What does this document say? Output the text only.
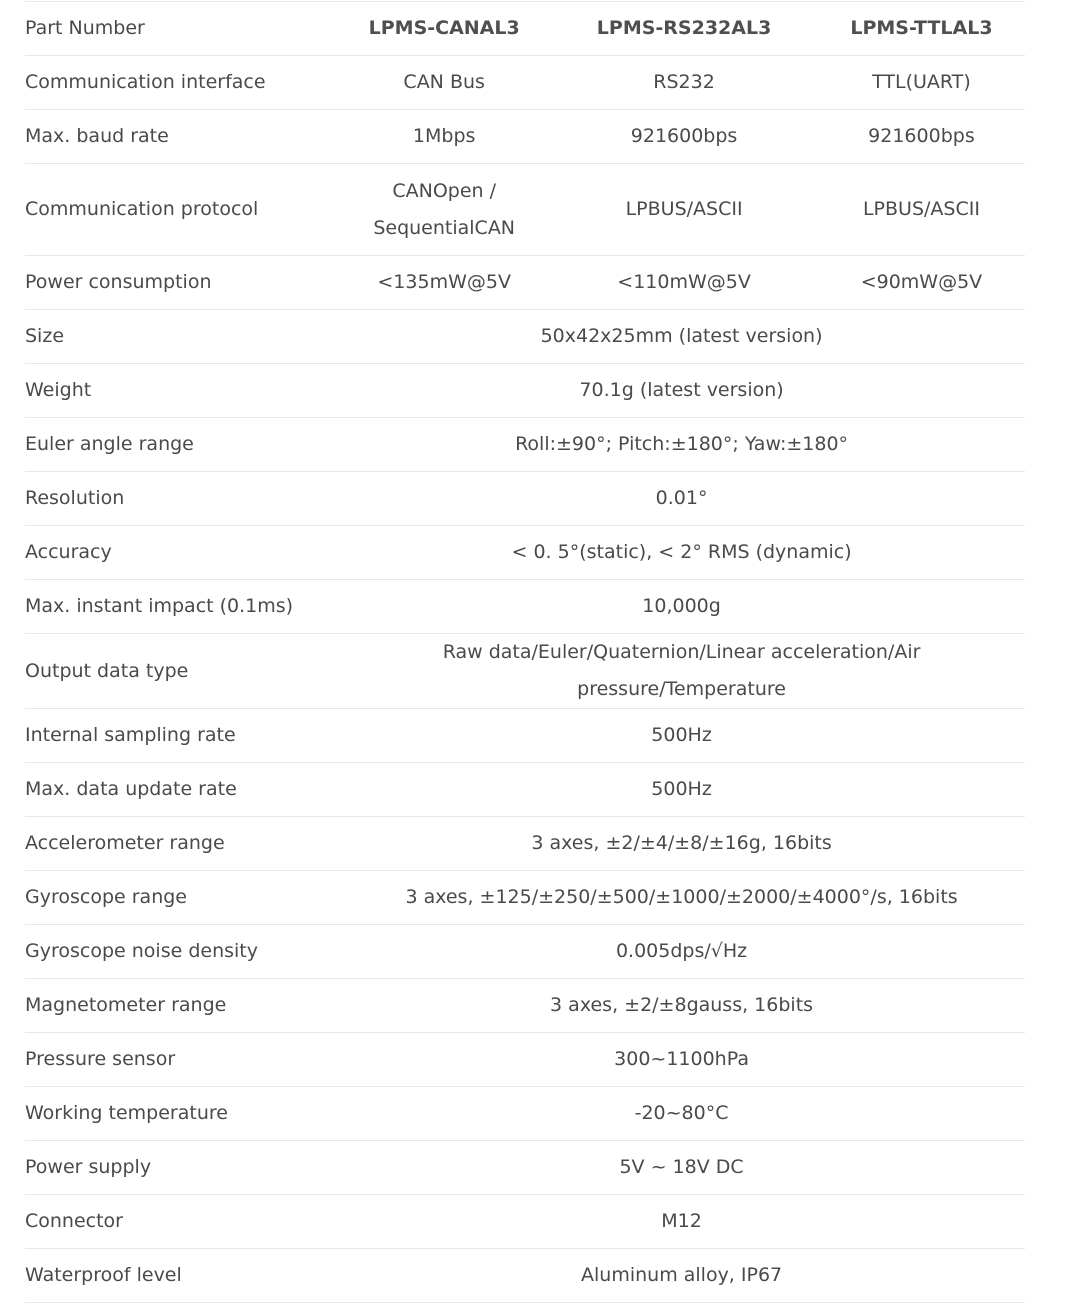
Part Number	LPMS-CANAL3	LPMS-RS232AL3	LPMS-TTLAL3
Communication interface	CAN Bus	RS232	TTL(UART)
Max. baud rate	1Mbps	921600bps	921600bps
Communication protocol	CANOpen / SequentialCAN	LPBUS/ASCII	LPBUS/ASCII
Power consumption	<135mW@5V	<110mW@5V	<90mW@5V
Size	50x42x25mm (latest version)		
Weight	70.1g (latest version)		
Euler angle range	Roll:±90°; Pitch:±180°; Yaw:±180°		
Resolution	0.01°		
Accuracy	< 0. 5°(static), < 2° RMS (dynamic)		
Max. instant impact (0.1ms)	10,000g		
Output data type	Raw data/Euler/Quaternion/Linear acceleration/Air pressure/Temperature		
Internal sampling rate	500Hz		
Max. data update rate	500Hz		
Accelerometer range	3 axes, ±2/±4/±8/±16g, 16bits		
Gyroscope range	3 axes, ±125/±250/±500/±1000/±2000/±4000°/s, 16bits		
Gyroscope noise density	0.005dps/√Hz		
Magnetometer range	3 axes, ±2/±8gauss, 16bits		
Pressure sensor	300~1100hPa		
Working temperature	-20~80°C		
Power supply	5V ~ 18V DC		
Connector	M12		
Waterproof level	Aluminum alloy, IP67		
